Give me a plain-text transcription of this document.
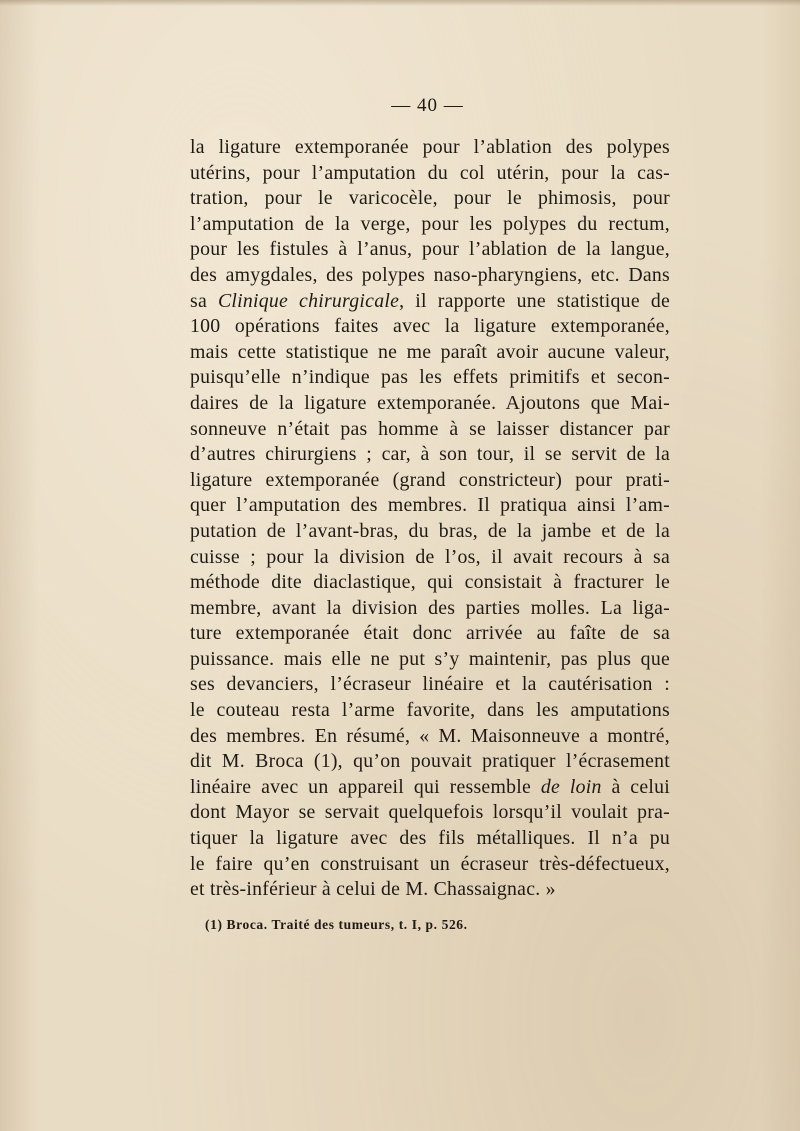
— 40 —
la ligature extemporanée pour l’ablation des polypes
utérins, pour l’amputation du col utérin, pour la cas-
tration, pour le varicocèle, pour le phimosis, pour
l’amputation de la verge, pour les polypes du rectum,
pour les fistules à l’anus, pour l’ablation de la langue,
des amygdales, des polypes naso-pharyngiens, etc. Dans
sa Clinique chirurgicale, il rapporte une statistique de
100 opérations faites avec la ligature extemporanée,
mais cette statistique ne me paraît avoir aucune valeur,
puisqu’elle n’indique pas les effets primitifs et secon-
daires de la ligature extemporanée. Ajoutons que Mai-
sonneuve n’était pas homme à se laisser distancer par
d’autres chirurgiens ; car, à son tour, il se servit de la
ligature extemporanée (grand constricteur) pour prati-
quer l’amputation des membres. Il pratiqua ainsi l’am-
putation de l’avant-bras, du bras, de la jambe et de la
cuisse ; pour la division de l’os, il avait recours à sa
méthode dite diaclastique, qui consistait à fracturer le
membre, avant la division des parties molles. La liga-
ture extemporanée était donc arrivée au faîte de sa
puissance. mais elle ne put s’y maintenir, pas plus que
ses devanciers, l’écraseur linéaire et la cautérisation :
le couteau resta l’arme favorite, dans les amputations
des membres. En résumé, « M. Maisonneuve a montré,
dit M. Broca (1), qu’on pouvait pratiquer l’écrasement
linéaire avec un appareil qui ressemble de loin à celui
dont Mayor se servait quelquefois lorsqu’il voulait pra-
tiquer la ligature avec des fils métalliques. Il n’a pu
le faire qu’en construisant un écraseur très-défectueux,
et très-inférieur à celui de M. Chassaignac. »
(1) Broca. Traité des tumeurs, t. I, p. 526.
